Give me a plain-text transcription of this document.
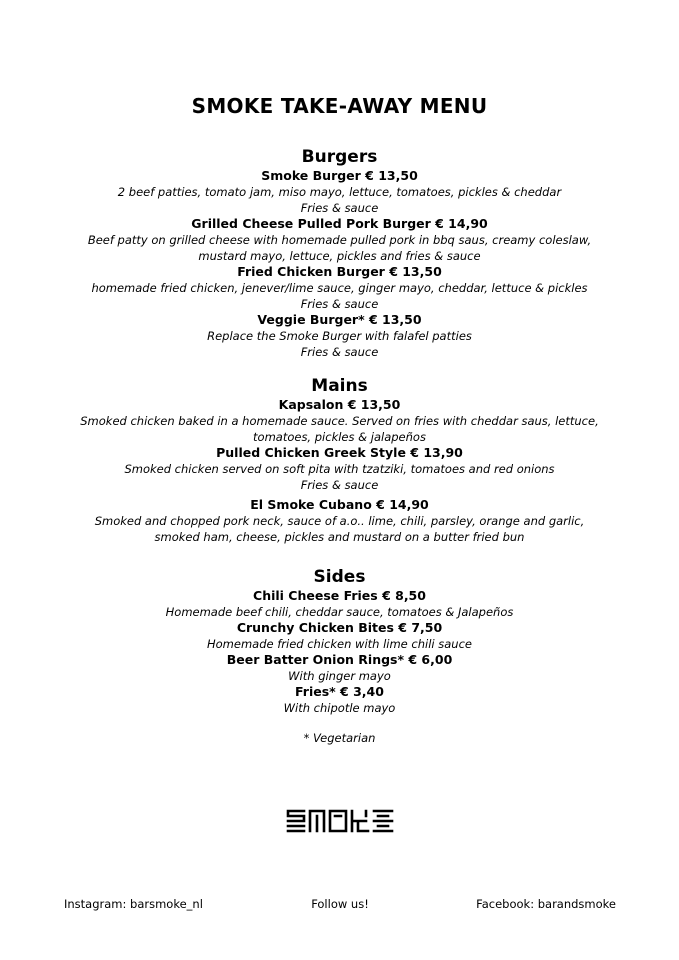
SMOKE TAKE-AWAY MENU
Burgers
Smoke Burger € 13,50
2 beef patties, tomato jam, miso mayo, lettuce, tomatoes, pickles & cheddar
Fries & sauce
Grilled Cheese Pulled Pork Burger € 14,90
Beef patty on grilled cheese with homemade pulled pork in bbq saus, creamy coleslaw,
mustard mayo, lettuce, pickles and fries & sauce
Fried Chicken Burger € 13,50
homemade fried chicken, jenever/lime sauce, ginger mayo, cheddar, lettuce & pickles
Fries & sauce
Veggie Burger* € 13,50
Replace the Smoke Burger with falafel patties
Fries & sauce
Mains
Kapsalon € 13,50
Smoked chicken baked in a homemade sauce. Served on fries with cheddar saus, lettuce,
tomatoes, pickles & jalapeños
Pulled Chicken Greek Style € 13,90
Smoked chicken served on soft pita with tzatziki, tomatoes and red onions
Fries & sauce
El Smoke Cubano € 14,90
Smoked and chopped pork neck, sauce of a.o.. lime, chili, parsley, orange and garlic,
smoked ham, cheese, pickles and mustard on a butter fried bun
Sides
Chili Cheese Fries € 8,50
Homemade beef chili, cheddar sauce, tomatoes & Jalapeños
Crunchy Chicken Bites € 7,50
Homemade fried chicken with lime chili sauce
Beer Batter Onion Rings* € 6,00
With ginger mayo
Fries* € 3,40
With chipotle mayo
* Vegetarian
Instagram: barsmoke_nl	Follow us!	Facebook: barandsmoke
